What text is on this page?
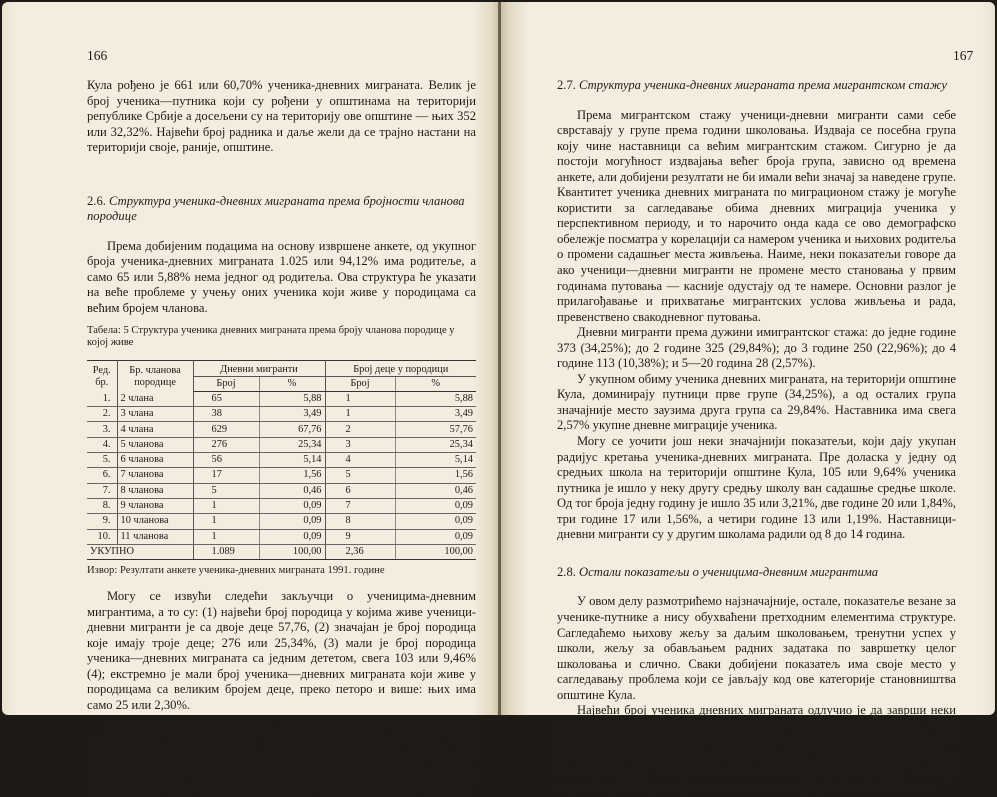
166

Кула рођено је 661 или 60,70% ученика-дневних миграната. Велик је број ученика—путника који су рођени у општинама на територији републике Србије а досељени су на територију ове општине — њих 352 или 32,32%. Највећи број радника и даље жели да се трајно настани на територији своје, раније, општине.

2.6. Структура ученика-дневних миграната према бројности чланова породице

Према добијеним подацима на основу извршене анкете, од укупног броја ученика-дневних миграната 1.025 или 94,12% има родитеље, а само 65 или 5,88% нема једног од родитеља. Ова структура ће указати на веће проблеме у учењу оних ученика који живе у породицама са већим бројем чланова.

Табела: 5 Структура ученика дневних миграната према броју чланова породице у којој живе

Ред. бр.	Бр. чланова породице	Дневни мигранти		Број деце у породици	
		Број	%	Број	%
1.	2 члана	65	5,88	1	5,88
2.	3 члана	38	3,49	1	3,49
3.	4 члана	629	67,76	2	57,76
4.	5 чланова	276	25,34	3	25,34
5.	6 чланова	56	5,14	4	5,14
6.	7 чланова	17	1,56	5	1,56
7.	8 чланова	5	0,46	6	0,46
8.	9 чланова	1	0,09	7	0,09
9.	10 чланова	1	0,09	8	0,09
10.	11 чланова	1	0,09	9	0,09
УКУПНО		1.089	100,00	2,36	100,00

Извор: Резултати анкете ученика-дневних миграната 1991. године

Могу се извући следећи закључци о ученицима-дневним мигрантима, а то су: (1) највећи број породица у којима живе ученици-дневни мигранти је са двоје деце 57,76, (2) значајан је број породица које имају троје деце; 276 или 25,34%, (3) мали је број породица ученика—дневних миграната са једним дететом, свега 103 или 9,46% (4); екстремно је мали број ученика—дневних миграната који живе у породицама са великим бројем деце, преко петоро и више: њих има само 25 или 2,30%.

Према добијеним резултатима, просечан број деце у породицама у којима живе ученици-дневни мигранти је 2,36 (двоје деце). Овај податак говори да је присутно старење становништва на територији ове општине. Има зато више разлога а најважнији су: економска ситуација и традиција коју су досељеници попримили од аутохтоног становништва.

167
2.7. Структура ученика-дневних миграната према мигрантском стажу

Према мигрантском стажу ученици-дневни мигранти сами себе сврставају у групе према години школовања. Издваја се посебна група коју чине наставници са већим мигрантским стажом. Сигурно је да постоји могућност издвајања већег броја група, зависно од времена анкете, али добијени резултати не би имали већи значај за наведене групе. Квантитет ученика дневних миграната по миграционом стажу је могуће користити за сагледавање обима дневних миграција ученика у перспективном периоду, и то нарочито онда када се ово демографско обележје посматра у корелацији са намером ученика и њихових родитеља о промени садашњег места живљења. Наиме, неки показатељи говоре да ако ученици—дневни мигранти не промене место становања у првим годинама путовања — касније одустају од те намере. Основни разлог је прилагођавање и прихватање мигрантских услова живљења и рада, превенствено свакодневног путовања.

Дневни мигранти према дужини имигрантског стажа: до једне године 373 (34,25%); до 2 године 325 (29,84%); до 3 године 250 (22,96%); до 4 године 113 (10,38%); и 5—20 година 28 (2,57%).

У укупном обиму ученика дневних миграната, на територији општине Кула, доминирају путници прве групе (34,25%), а од осталих група значајније место заузима друга група са 29,84%. Наставника има свега 2,57% укупне дневне миграције ученика.

Могу се уочити још неки значајнији показатељи, који дају укупан радијус кретања ученика-дневних миграната. Пре доласка у једну од средњих школа на територији општине Кула, 105 или 9,64% ученика путника је ишло у неку другу средњу школу ван садашње средње школе. Од тог броја једну годину је ишло 35 или 3,21%, две године 20 или 1,84%, три године 17 или 1,56%, а четири године 13 или 1,19%. Наставници-дневни мигранти су у другим школама радили од 8 до 14 година.

2.8. Остали показатељи о ученицима-дневним мигрантима

У овом делу размотрићемо најзначајније, остале, показатеље везане за ученике-путнике а нису обухваћени претходним елементима структуре. Сагледаћемо њихову жељу за даљим школовањем, тренутни успех у школи, жељу за обављањем радних задатака по завршетку целог школовања и слично. Сваки добијени показатељ има своје место у сагледавању проблема који се јављају код ове категорије становништва општине Кула.

Највећи број ученика дневних миграната одлучио је да заврши неки факултет и стекне високу стручну спрему; њих је 436 или 40,04%. Оних који се још нису одлучили о даљем школовању релативно је велик број — 247 или 22,68%. Евидентно је мали број оних који желе да заврше само започету средњу школу: 201 или 18,46%. Од факултета које желе да заврше највише су интересантни економски факултет са 7,62%, поло-
